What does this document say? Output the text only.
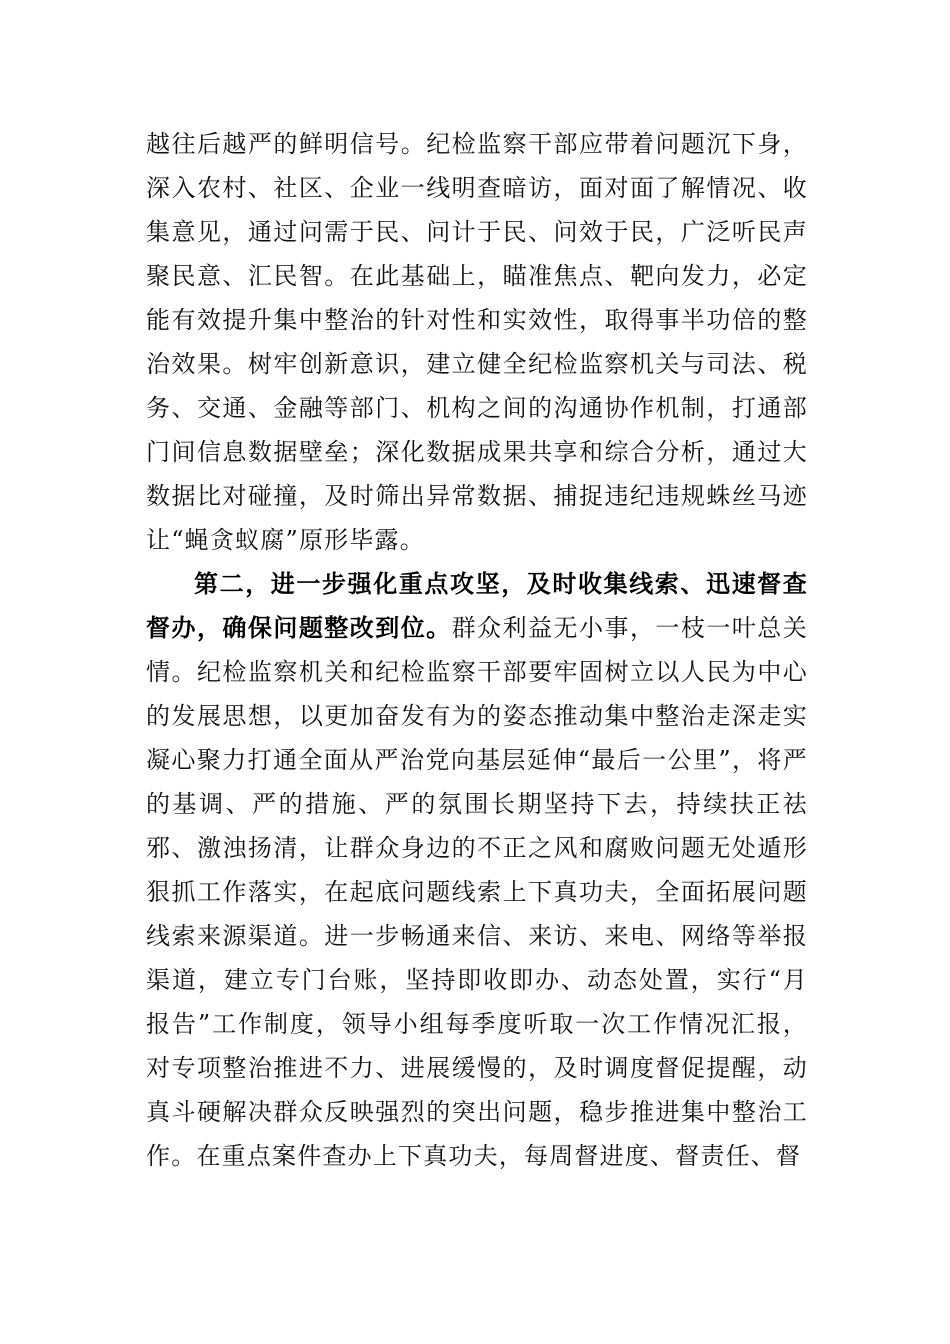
越往后越严的鲜明信号。纪检监察干部应带着问题沉下身，深入农村、社区、企业一线明查暗访，面对面了解情况、收集意见，通过问需于民、问计于民、问效于民，广泛听民声聚民意、汇民智。在此基础上，瞄准焦点、靶向发力，必定能有效提升集中整治的针对性和实效性，取得事半功倍的整治效果。树牢创新意识，建立健全纪检监察机关与司法、税务、交通、金融等部门、机构之间的沟通协作机制，打通部门间信息数据壁垒；深化数据成果共享和综合分析，通过大数据比对碰撞，及时筛出异常数据、捕捉违纪违规蛛丝马迹让“蝇贪蚁腐”原形毕露。

第二，进一步强化重点攻坚，及时收集线索、迅速督查督办，确保问题整改到位。群众利益无小事，一枝一叶总关情。纪检监察机关和纪检监察干部要牢固树立以人民为中心的发展思想，以更加奋发有为的姿态推动集中整治走深走实凝心聚力打通全面从严治党向基层延伸“最后一公里”，将严的基调、严的措施、严的氛围长期坚持下去，持续扶正祛邪、激浊扬清，让群众身边的不正之风和腐败问题无处遁形狠抓工作落实，在起底问题线索上下真功夫，全面拓展问题线索来源渠道。进一步畅通来信、来访、来电、网络等举报渠道，建立专门台账，坚持即收即办、动态处置，实行“月报告”工作制度，领导小组每季度听取一次工作情况汇报，对专项整治推进不力、进展缓慢的，及时调度督促提醒，动真斗硬解决群众反映强烈的突出问题，稳步推进集中整治工作。在重点案件查办上下真功夫，每周督进度、督责任、督
